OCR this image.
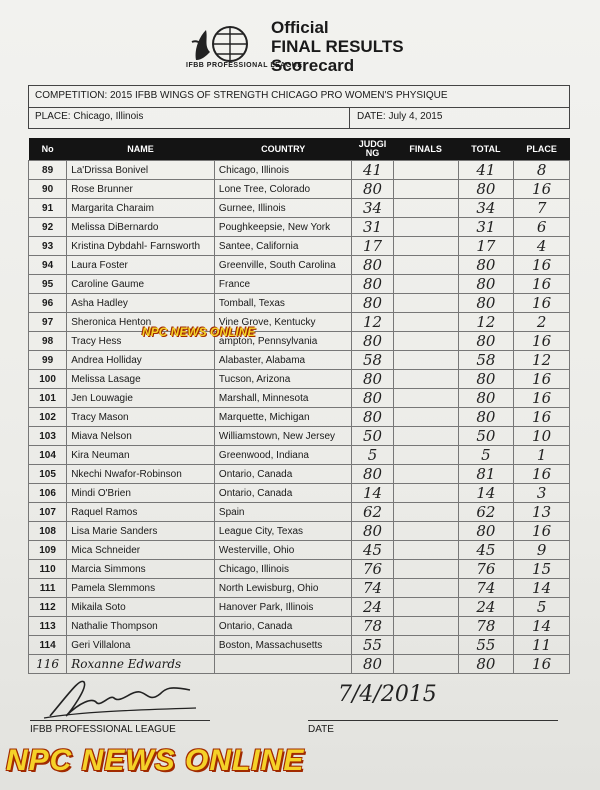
IFBB PROFESSIONAL LEAGUE
Official
FINAL RESULTS
Scorecard
COMPETITION: 2015 IFBB WINGS OF STRENGTH CHICAGO PRO WOMEN'S PHYSIQUE
PLACE: Chicago, Illinois	DATE: July 4, 2015
No	NAME	COUNTRY	JUDGI NG	FINALS	TOTAL	PLACE
89	La'Drissa Bonivel	Chicago, Illinois	41		41	8
90	Rose Brunner	Lone Tree, Colorado	80		80	16
91	Margarita Charaim	Gurnee, Illinois	34		34	7
92	Melissa DiBernardo	Poughkeepsie, New York	31		31	6
93	Kristina Dybdahl- Farnsworth	Santee, California	17		17	4
94	Laura Foster	Greenville, South Carolina	80		80	16
95	Caroline Gaume	France	80		80	16
96	Asha Hadley	Tomball, Texas	80		80	16
97	Sheronica Henton	Vine Grove, Kentucky	12		12	2
98	Tracy Hess	ampton, Pennsylvania	80		80	16
99	Andrea Holliday	Alabaster, Alabama	58		58	12
100	Melissa Lasage	Tucson, Arizona	80		80	16
101	Jen Louwagie	Marshall, Minnesota	80		80	16
102	Tracy Mason	Marquette, Michigan	80		80	16
103	Miava Nelson	Williamstown, New Jersey	50		50	10
104	Kira Neuman	Greenwood, Indiana	5		5	1
105	Nkechi Nwafor-Robinson	Ontario, Canada	80		81	16
106	Mindi O'Brien	Ontario, Canada	14		14	3
107	Raquel Ramos	Spain	62		62	13
108	Lisa Marie Sanders	League City, Texas	80		80	16
109	Mica Schneider	Westerville, Ohio	45		45	9
110	Marcia Simmons	Chicago, Illinois	76		76	15
111	Pamela Slemmons	North Lewisburg, Ohio	74		74	14
112	Mikaila Soto	Hanover Park, Illinois	24		24	5
113	Nathalie Thompson	Ontario, Canada	78		78	14
114	Geri Villalona	Boston, Massachusetts	55		55	11
116	Roxanne Edwards		80		80	16
NPC NEWS ONLINE
IFBB PROFESSIONAL LEAGUE
7/4/2015
DATE
NPC NEWS ONLINE
